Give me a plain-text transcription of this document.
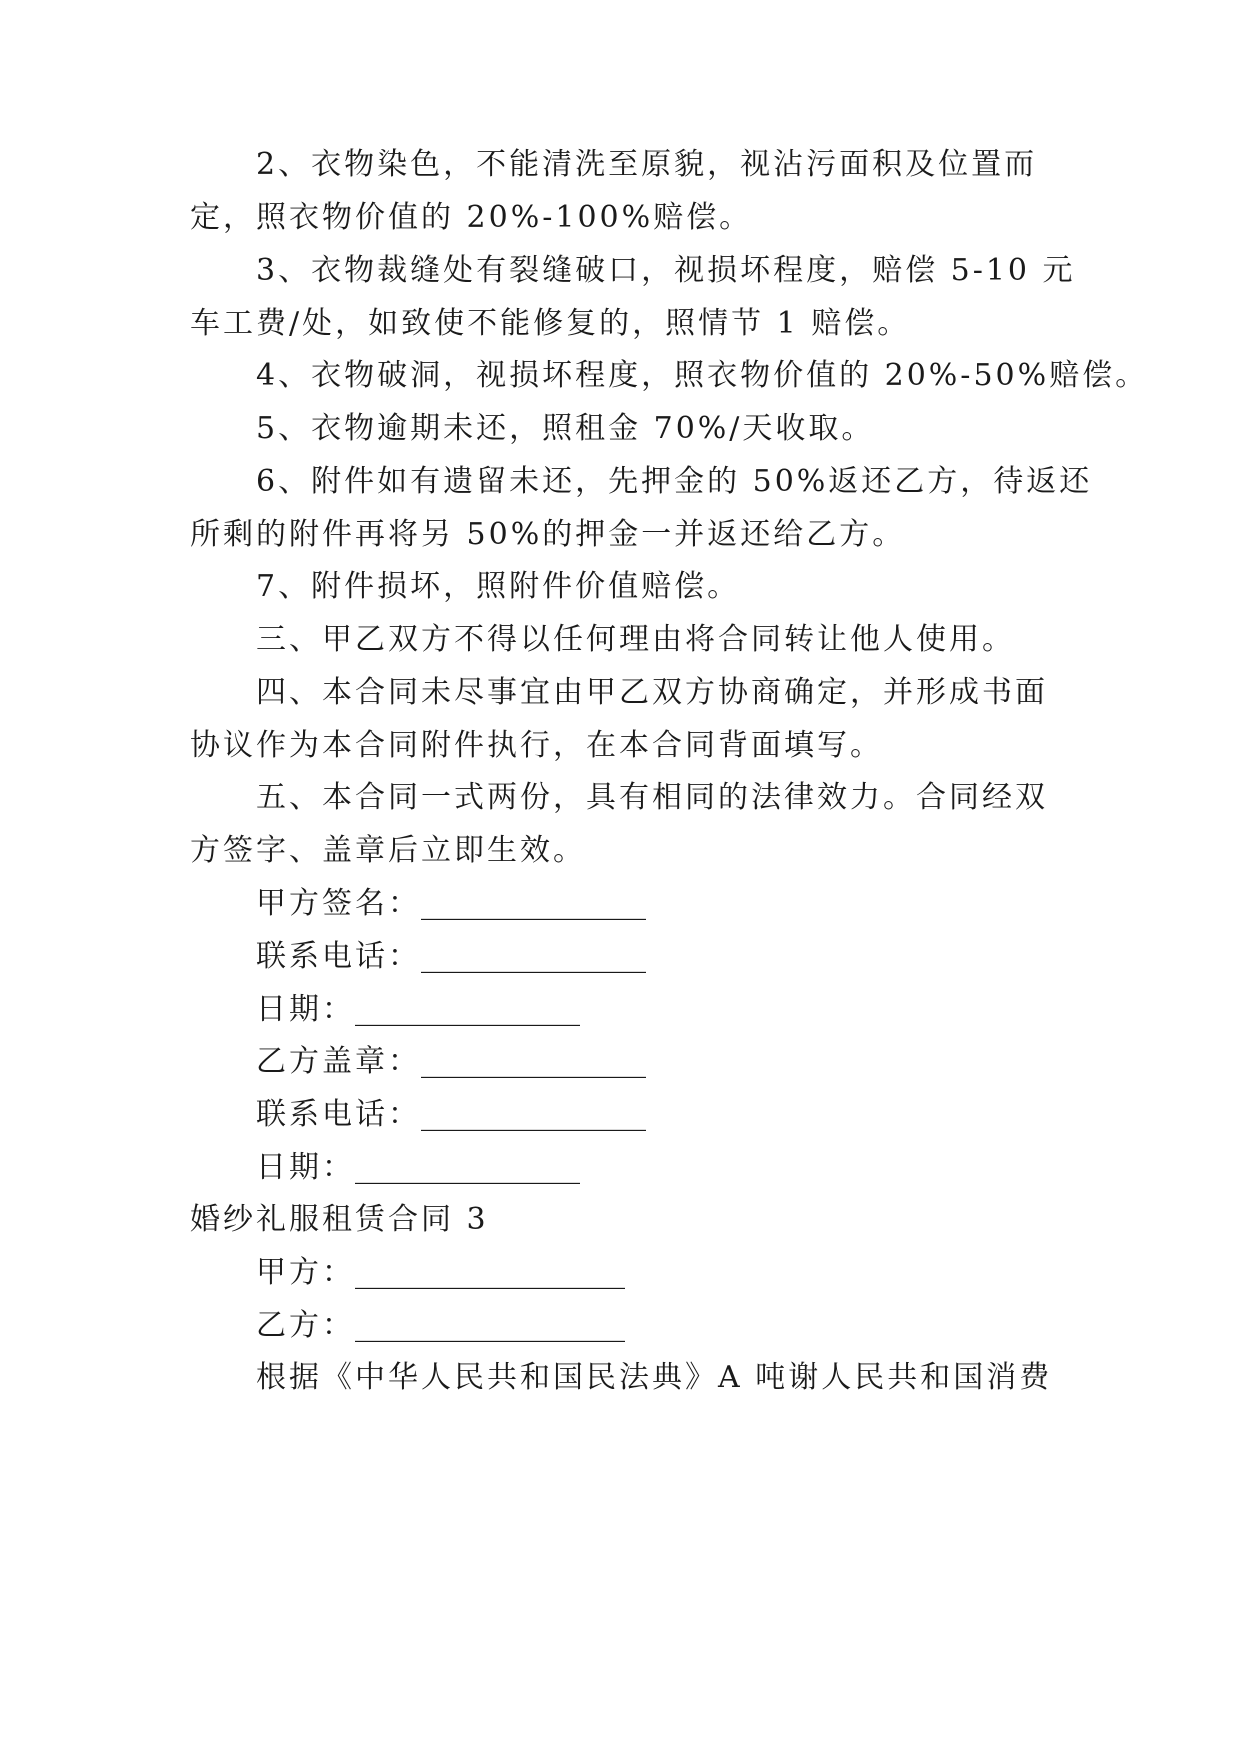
2、衣物染色，不能清洗至原貌，视沾污面积及位置而
定，照衣物价值的 20%-100%赔偿。
3、衣物裁缝处有裂缝破口，视损坏程度，赔偿 5-10 元
车工费/处，如致使不能修复的，照情节 1 赔偿。
4、衣物破洞，视损坏程度，照衣物价值的 20%-50%赔偿。
5、衣物逾期未还，照租金 70%/天收取。
6、附件如有遗留未还，先押金的 50%返还乙方，待返还
所剩的附件再将另 50%的押金一并返还给乙方。
7、附件损坏，照附件价值赔偿。
三、甲乙双方不得以任何理由将合同转让他人使用。
四、本合同未尽事宜由甲乙双方协商确定，并形成书面
协议作为本合同附件执行，在本合同背面填写。
五、本合同一式两份，具有相同的法律效力。合同经双
方签字、盖章后立即生效。
甲方签名：_______________
联系电话：_______________
日期：_______________
乙方盖章：_______________
联系电话：_______________
日期：_______________
婚纱礼服租赁合同 3
甲方：__________________
乙方：__________________
根据《中华人民共和国民法典》A 吨谢人民共和国消费
